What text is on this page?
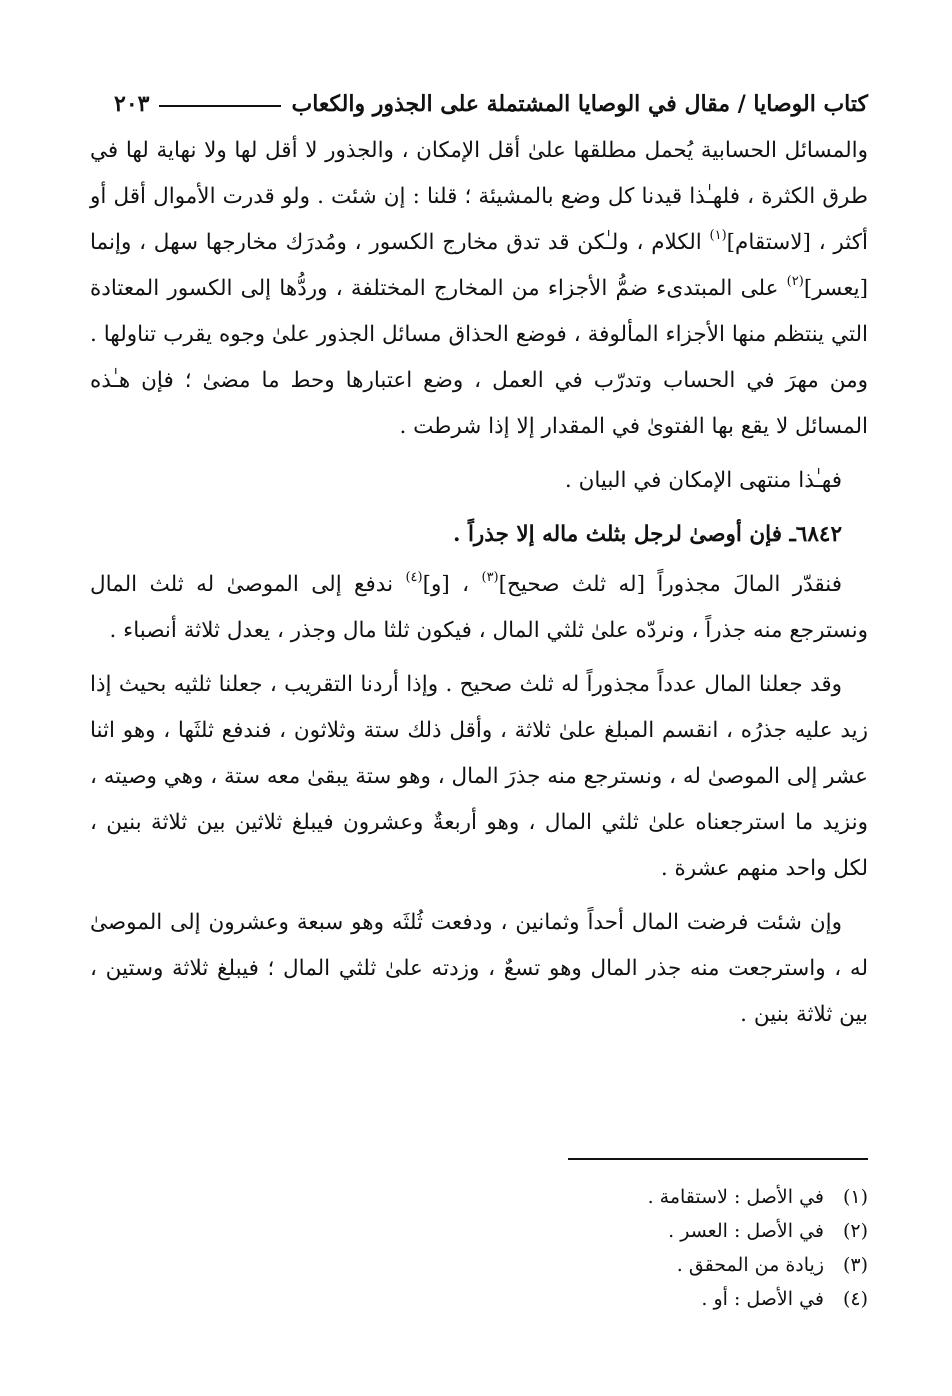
كتاب الوصايا / مقال في الوصايا المشتملة على الجذور والكعاب
٢٠٣

والمسائل الحسابية يُحمل مطلقها علىٰ أقل الإمكان ، والجذور لا أقل لها ولا نهاية لها في طرق الكثرة ، فلهـٰذا قيدنا كل وضع بالمشيئة ؛ قلنا : إن شئت . ولو قدرت الأموال أقل أو أكثر ، [لاستقام]$^{(١)}$ الكلام ، ولـٰكن قد تدق مخارج الكسور ، ومُدرَك مخارجها سهل ، وإنما [يعسر]$^{(٢)}$ على المبتدىء ضمُّ الأجزاء من المخارج المختلفة ، وردُّها إلى الكسور المعتادة التي ينتظم منها الأجزاء المألوفة ، فوضع الحذاق مسائل الجذور علىٰ وجوه يقرب تناولها . ومن مهرَ في الحساب وتدرّب في العمل ، وضع اعتبارها وحط ما مضىٰ ؛ فإن هـٰذه المسائل لا يقع بها الفتوىٰ في المقدار إلا إذا شرطت .

فهـٰذا منتهى الإمكان في البيان .

٦٨٤٢ـ فإن أوصىٰ لرجل بثلث ماله إلا جذراً .

فنقدّر المالَ مجذوراً [له ثلث صحيح]$^{(٣)}$ ، [و]$^{(٤)}$ ندفع إلى الموصىٰ له ثلث المال ونسترجع منه جذراً ، ونردّه علىٰ ثلثي المال ، فيكون ثلثا مال وجذر ، يعدل ثلاثة أنصباء .

وقد جعلنا المال عدداً مجذوراً له ثلث صحيح . وإذا أردنا التقريب ، جعلنا ثلثيه بحيث إذا زيد عليه جذرُه ، انقسم المبلغ علىٰ ثلاثة ، وأقل ذلك ستة وثلاثون ، فندفع ثلثَها ، وهو اثنا عشر إلى الموصىٰ له ، ونسترجع منه جذرَ المال ، وهو ستة يبقىٰ معه ستة ، وهي وصيته ، ونزيد ما استرجعناه علىٰ ثلثي المال ، وهو أربعةٌ وعشرون فيبلغ ثلاثين بين ثلاثة بنين ، لكل واحد منهم عشرة .

وإن شئت فرضت المال أحداً وثمانين ، ودفعت ثُلثَه وهو سبعة وعشرون إلى الموصىٰ له ، واسترجعت منه جذر المال وهو تسعٌ ، وزدته علىٰ ثلثي المال ؛ فيبلغ ثلاثة وستين ، بين ثلاثة بنين .

(١)
في الأصل : لاستقامة .
(٢)
في الأصل : العسر .
(٣)
زيادة من المحقق .
(٤)
في الأصل : أو .
